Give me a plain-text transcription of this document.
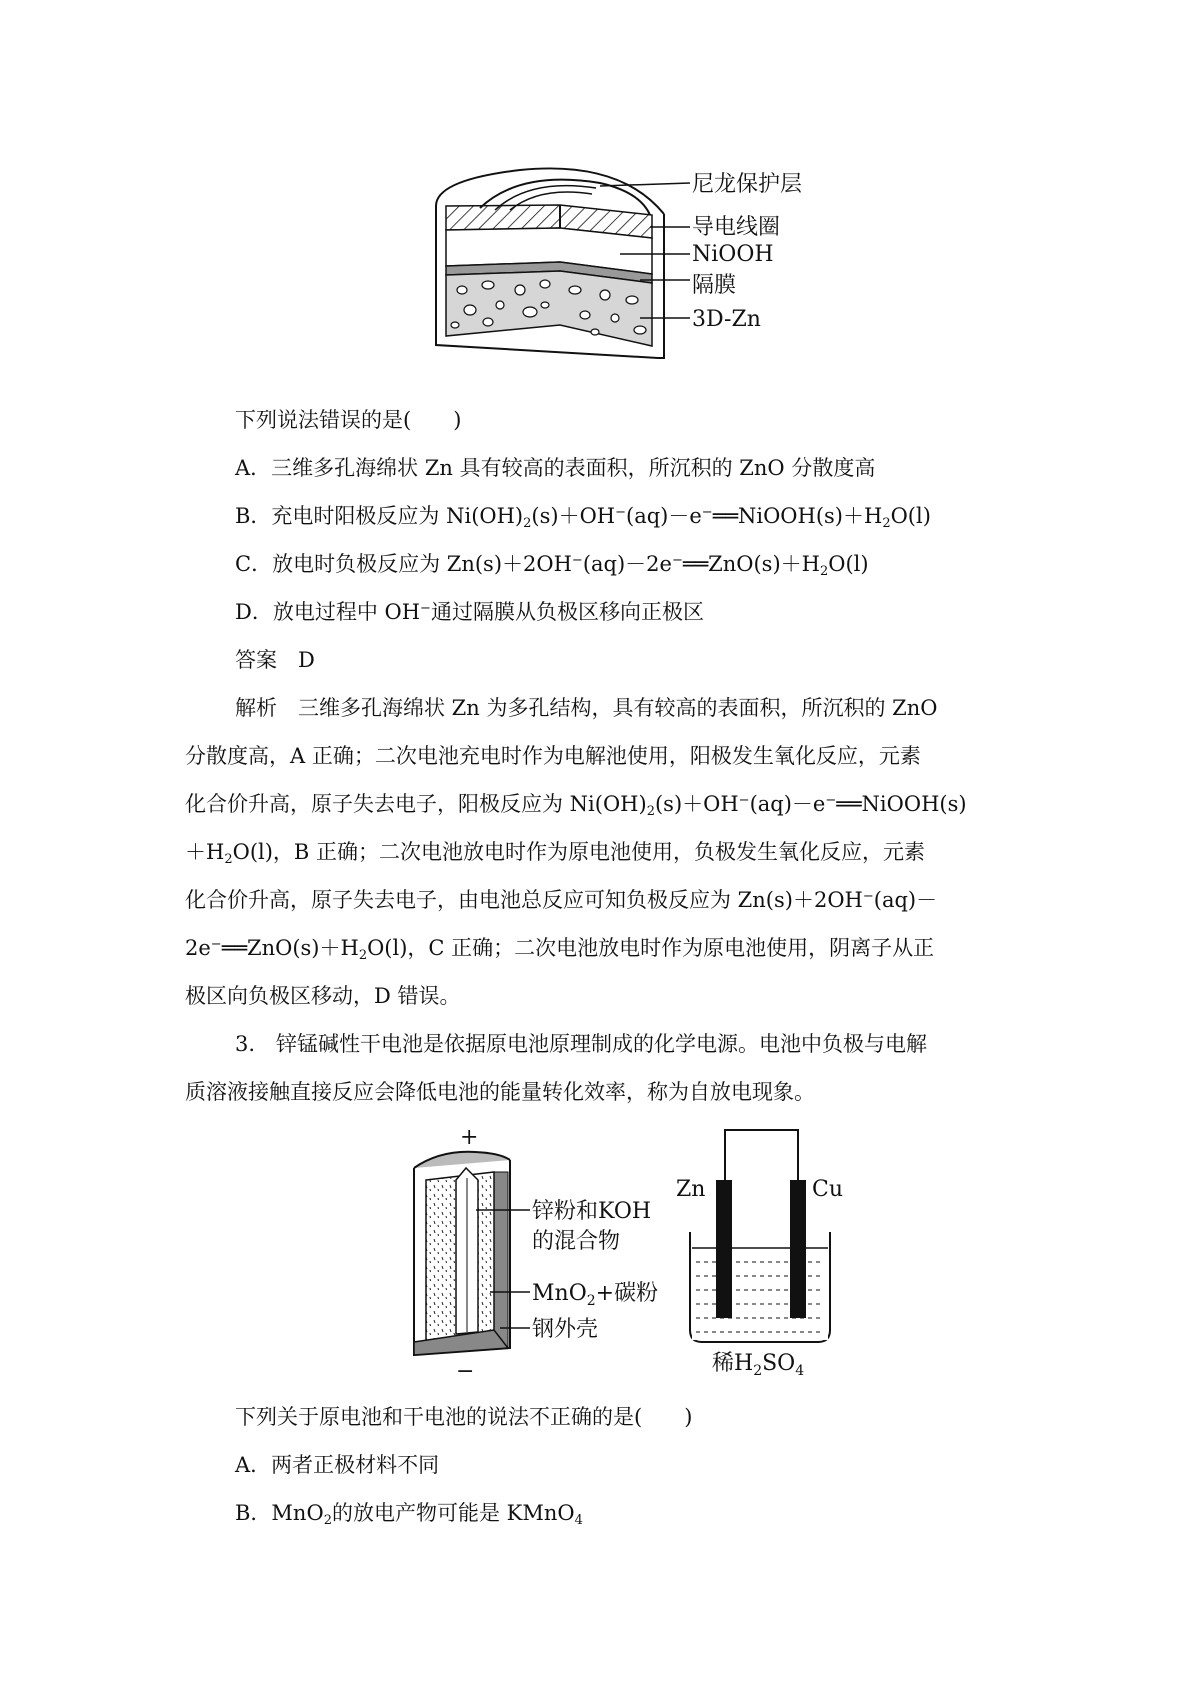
尼龙保护层
导电线圈
NiOOH
隔膜
3D-Zn
下列说法错误的是(　　)
A．三维多孔海绵状 Zn 具有较高的表面积，所沉积的 ZnO 分散度高
B．充电时阳极反应为 $Ni(OH)_2(s)+OH^-(aq)-e^-══NiOOH(s)+H_2O(l)$
C．放电时负极反应为 $Zn(s)+2OH^-(aq)-2e^-══ZnO(s)+H_2O(l)$
D．放电过程中 OH−通过隔膜从负极区移向正极区
答案　D
解析　三维多孔海绵状 Zn 为多孔结构，具有较高的表面积，所沉积的 ZnO
分散度高，A 正确；二次电池充电时作为电解池使用，阳极发生氧化反应，元素
化合价升高，原子失去电子，阳极反应为 $Ni(OH)_2(s)+OH^-(aq)-e^-══NiOOH(s)$
$+H_2O(l)$，B 正确；二次电池放电时作为原电池使用，负极发生氧化反应，元素
化合价升高，原子失去电子，由电池总反应可知负极反应为 Zn(s)＋2OH−(aq)－
$2e^-══ZnO(s)+H_2O(l)$，C 正确；二次电池放电时作为原电池使用，阴离子从正
极区向负极区移动，D 错误。
3.　锌锰碱性干电池是依据原电池原理制成的化学电源。电池中负极与电解
质溶液接触直接反应会降低电池的能量转化效率，称为自放电现象。
+
−
锌粉和KOH
的混合物
MnO$_2$+碳粉
钢外壳
Zn	Cu
稀$H_2SO_4$
下列关于原电池和干电池的说法不正确的是(　　)
A．两者正极材料不同
B．MnO$_2$的放电产物可能是 KMnO$_4$
